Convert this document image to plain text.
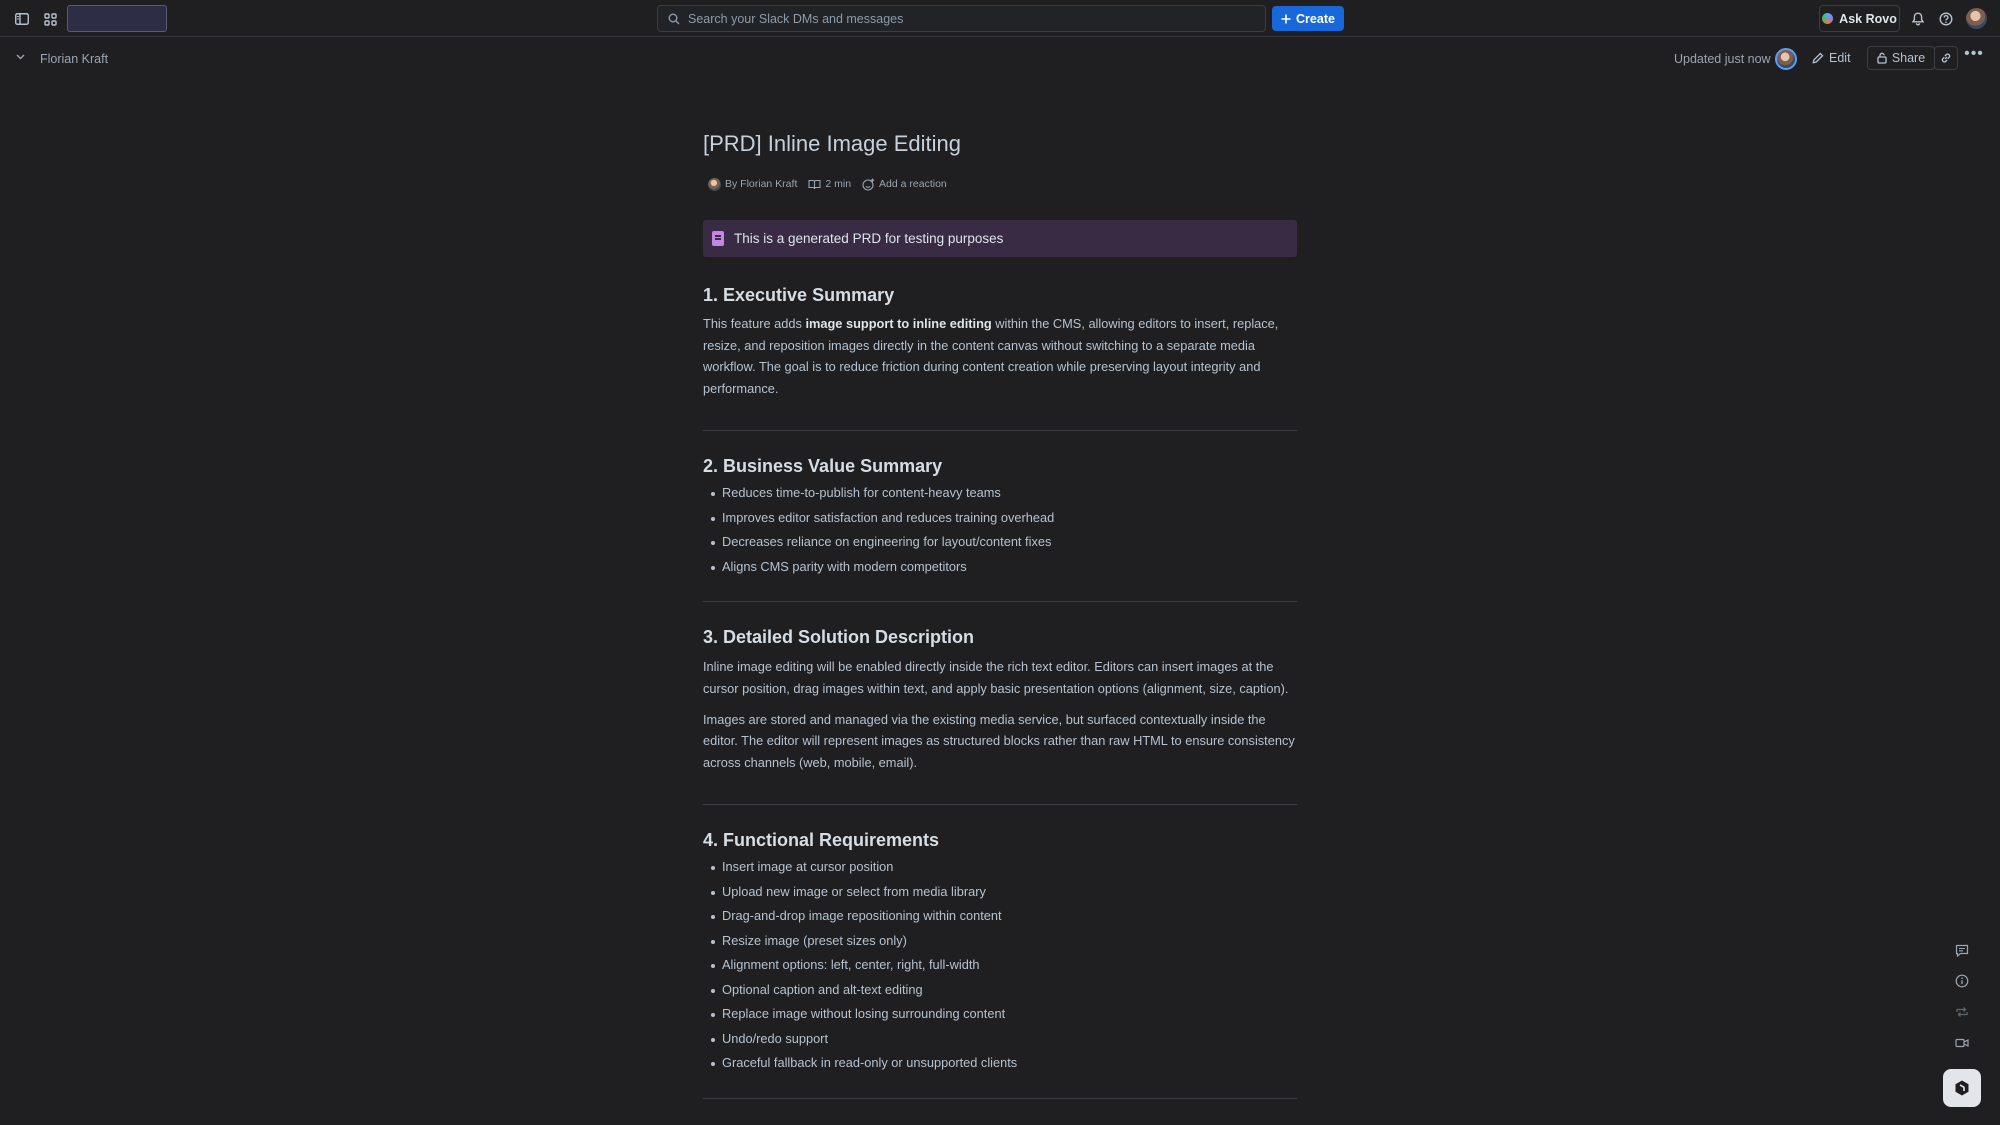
Search your Slack DMs and messages	Create	Ask Rovo
Florian Kraft	Updated just now	Edit	Share •••
[PRD] Inline Image Editing
By Florian Kraft	2 min	Add a reaction
This is a generated PRD for testing purposes
1. Executive Summary

This feature adds image support to inline editing within the CMS, allowing editors to insert, replace, resize, and reposition images directly in the content canvas without switching to a separate media workflow. The goal is to reduce friction during content creation while preserving layout integrity and performance.

2. Business Value Summary
Reduces time-to-publish for content-heavy teams
Improves editor satisfaction and reduces training overhead
Decreases reliance on engineering for layout/content fixes
Aligns CMS parity with modern competitors
3. Detailed Solution Description

Inline image editing will be enabled directly inside the rich text editor. Editors can insert images at the cursor position, drag images within text, and apply basic presentation options (alignment, size, caption).

Images are stored and managed via the existing media service, but surfaced contextually inside the editor. The editor will represent images as structured blocks rather than raw HTML to ensure consistency across channels (web, mobile, email).

4. Functional Requirements
Insert image at cursor position
Upload new image or select from media library
Drag-and-drop image repositioning within content
Resize image (preset sizes only)
Alignment options: left, center, right, full-width
Optional caption and alt-text editing
Replace image without losing surrounding content
Undo/redo support
Graceful fallback in read-only or unsupported clients
